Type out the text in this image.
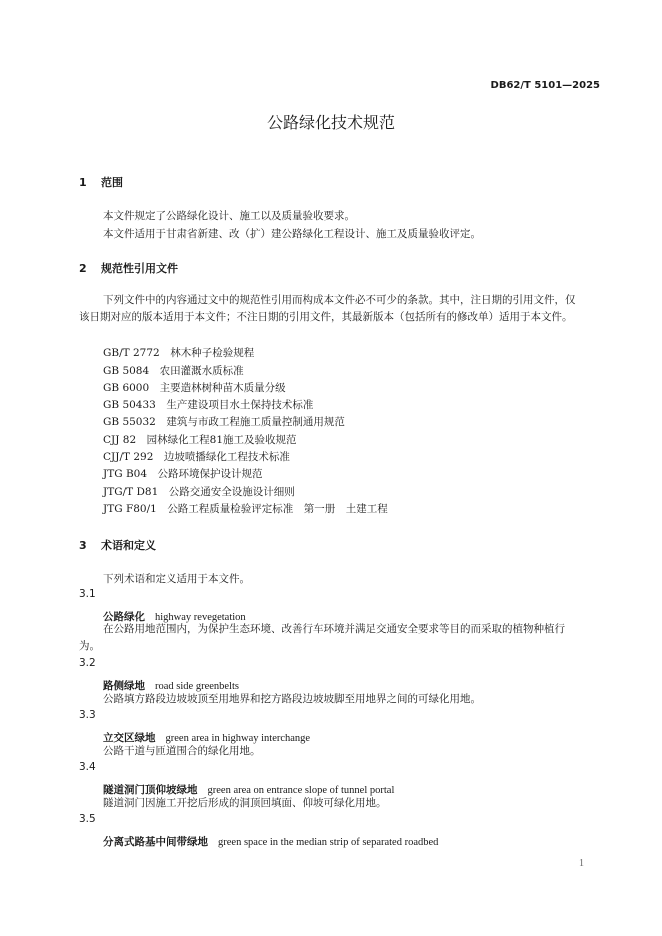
DB62/T 5101—2025
公路绿化技术规范
1 范围
本文件规定了公路绿化设计、施工以及质量验收要求。
本文件适用于甘肃省新建、改（扩）建公路绿化工程设计、施工及质量验收评定。
2 规范性引用文件
下列文件中的内容通过文中的规范性引用而构成本文件必不可少的条款。其中，注日期的引用文件，仅该日期对应的版本适用于本文件；不注日期的引用文件，其最新版本（包括所有的修改单）适用于本文件。
GB/T 2772　 林木种子检验规程
GB 5084　 农田灌溉水质标准
GB 6000　 主要造林树种苗木质量分级
GB 50433　 生产建设项目水土保持技术标准
GB 55032　 建筑与市政工程施工质量控制通用规范
CJJ 82　 园林绿化工程81施工及验收规范
CJJ/T 292　 边坡喷播绿化工程技术标准
JTG B04　 公路环境保护设计规范
JTG/T D81　 公路交通安全设施设计细则
JTG F80/1　 公路工程质量检验评定标准　第一册　土建工程
3 术语和定义
下列术语和定义适用于本文件。
3.1
公路绿化 highway revegetation
在公路用地范围内，为保护生态环境、改善行车环境并满足交通安全要求等目的而采取的植物种植行为。
3.2
路侧绿地 road side greenbelts
公路填方路段边坡坡顶至用地界和挖方路段边坡坡脚至用地界之间的可绿化用地。
3.3
立交区绿地 green area in highway interchange
公路干道与匝道围合的绿化用地。
3.4
隧道洞门顶仰坡绿地 green area on entrance slope of tunnel portal
隧道洞门因施工开挖后形成的洞顶回填面、仰坡可绿化用地。
3.5
分离式路基中间带绿地 green space in the median strip of separated roadbed
1
